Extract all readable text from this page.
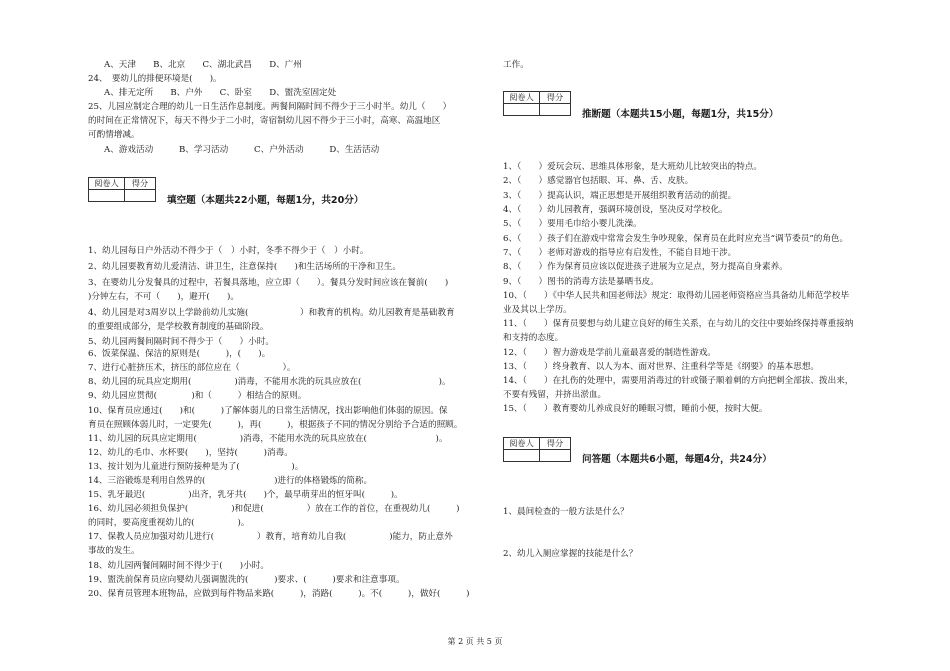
A、天津　　B、北京　　C、湖北武昌　　D、广州
24、　要幼儿的排便环境是(　　)。
A、排无定所　　B、户外　　C、卧室　　D、盥洗室固定处
25、儿园应制定合理的幼儿一日生活作息制度。两餐间隔时间不得少于三小时半。幼儿（　　）
的时间在正常情况下，每天不得少于二小时，寄宿制幼儿园不得少于三小时，高寒、高温地区
可酌情增减。
A、游戏活动　　　B、学习活动　　　C、户外活动　　　D、生活活动
阅卷人	得分

填空题（本题共22小题，每题1分，共20分）
1、幼儿园每日户外活动不得少于（　）小时，冬季不得少于（　）小时。
2、幼儿园要教育幼儿爱清洁、讲卫生，注意保持(　　)和生活场所的干净和卫生。
3、在婴幼儿分发餐具的过程中，若餐具落地，应立即（　　）。餐具分发时间应该在餐前(　　)
)分钟左右，不可（　　)，避开(　　)。
4、幼儿园是对3周岁以上学龄前幼儿实施(　　　　　　）和教育的机构。幼儿园教育是基础教育
的重要组成部分，是学校教育制度的基础阶段。
5、幼儿园两餐间隔时间不得少于（　　）小时。
6、饭菜保温、保洁的原则是(　　　)，(　　)。
7、进行心脏挤压术，挤压的部位应在（　　　　　）。
8、幼儿园的玩具应定期用(　　　　　)消毒，不能用水洗的玩具应放在(　　　　　　　　　)。
9、幼儿园应贯彻(　　　　)和（　　　）相结合的原则。
10、保育员应通过(　　)和(　　　)了解体弱儿的日常生活情况，找出影响他们体弱的原因。保
育员在照顾体弱儿时，一定要先(　　　)，再(　　　)，根据孩子不同的情况分别给予合适的照顾。
11、幼儿园的玩具应定期用(　　　　　)消毒，不能用水洗的玩具应放在(　　　　　　　　)。
12、幼儿的毛巾、水杯要(　　)，坚持(　　　)消毒。
13、按计划为儿童进行预防接种是为了(　　　　　　)。
14、三浴锻炼是利用自然界的(　　　　　　　　)进行的体格锻炼的简称。
15、乳牙最迟(　　　　　)出齐，乳牙共(　　)个，最早萌芽出的恒牙叫(　　　)。
16、幼儿园必须担负保护(　　　　　)和促进(　　　　　）放在工作的首位，在重视幼儿(　　　)
的同时，要高度重视幼儿的(　　　　　)。
17、保教人员应加强对幼儿进行(　　　　　）教育，培育幼儿自我(　　　　　)能力，防止意外
事故的发生。
18、幼儿园两餐间隔时间不得少于(　　)小时。
19、盥洗前保育员应向婴幼儿强调盥洗的(　　　)要求、(　　　)要求和注意事项。
20、保育员管理本班物品，应做到每件物品来路(　　　)，消路(　　　)。不(　　　)，做好(　　　)
工作。
阅卷人	得分

推断题（本题共15小题，每题1分，共15分）
1、（　　）爱玩会玩、思维具体形象，是大班幼儿比较突出的特点。
2、（　　）感觉器官包括眼、耳、鼻、舌、皮肤。
3、（　　）提高认识，端正思想是开展组织教育活动的前提。
4、（　　）幼儿园教育，强调环境创设，坚决反对学校化。
5、（　　）要用毛巾给小婴儿洗澡。
6、（　　）孩子们在游戏中常常会发生争吵现象，保育员在此时应充当“调节委员”的角色。
7、（　　）老师对游戏的指导应有启发性，不能自目地干涉。
8、（　　）作为保育员应该以促进孩子进展为立足点，努力提高自身素养。
9、（　　）图书的消毒方法是暴晒书皮。
10、（　　）《中华人民共和国老师法》规定：取得幼儿园老师资格应当具备幼儿师范学校毕
业及其以上学历。
11、（　　）保育员要想与幼儿建立良好的师生关系，在与幼儿的交往中要始终保持尊重接纳
和支持的态度。
12、（　　）智力游戏是学前儿童最喜爱的制造性游戏。
13、（　　）终身教育、以人为本、面对世界、注重科学等是《纲要》的基本思想。
14、（　　）在扎伤的处理中，需要用消毒过的针或镊子顺着刺的方向把刺全部拔、拨出来，
不要有残留，并挤出淤血。
15、（　　）教育婴幼儿养成良好的睡眠习惯，睡前小便，按时大便。
阅卷人	得分

问答题（本题共6小题，每题4分，共24分）
1、晨间检查的一般方法是什么？
2、幼儿入厕应掌握的技能是什么？
第 2 页 共 5 页
